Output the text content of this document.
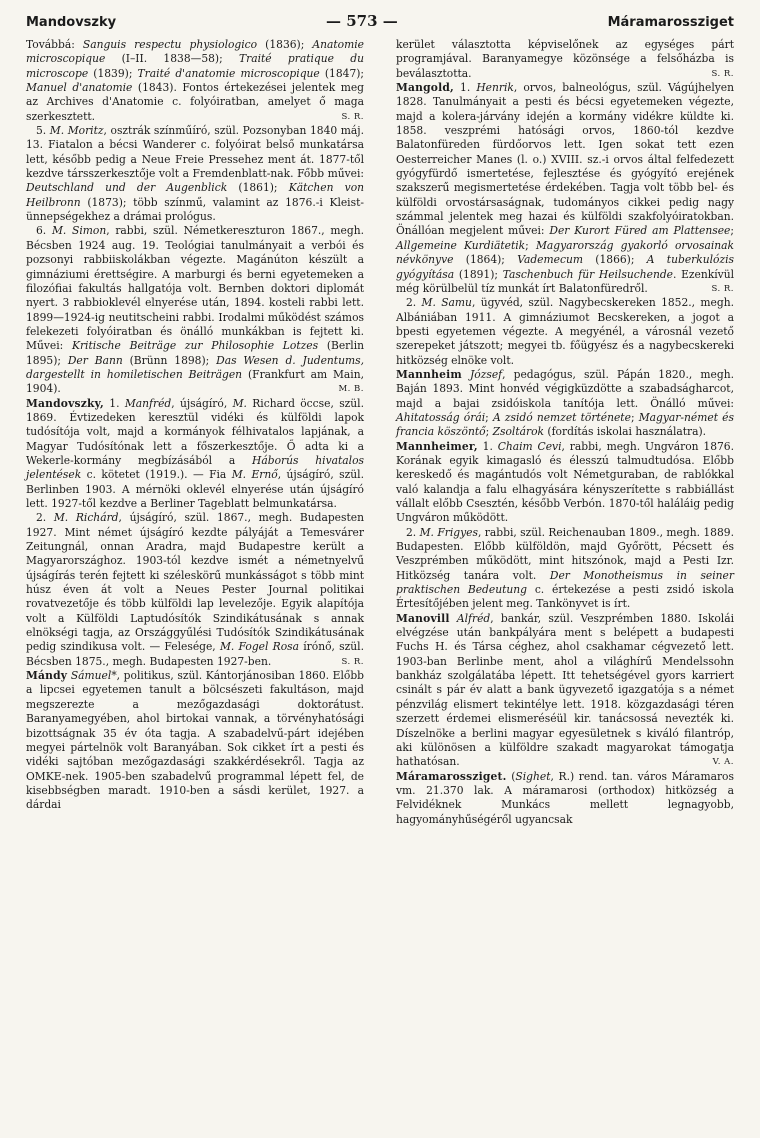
Mandovszky	— 573 —	Máramarossziget

Továbbá: Sanguis respectu physiologico (1836); Anatomie microscopique (I–II. 1838—58); Traité pratique du microscope (1839); Traité d'anatomie microscopique (1847); Manuel d'anatomie (1843). Fontos értekezései jelentek meg az Archives d'Anatomie c. folyóiratban, amelyet ő maga szerkesztett.	S. R.

5. M. Moritz, osztrák színműíró, szül. Pozsonyban 1840 máj. 13. Fiatalon a bécsi Wanderer c. folyóirat belső munkatársa lett, később pedig a Neue Freie Pressehez ment át. 1877-től kezdve társszerkesztője volt a Fremdenblatt-nak. Főbb művei: Deutschland und der Augenblick (1861); Kätchen von Heilbronn (1873); több színmű, valamint az 1876.-i Kleist-ünnepségekhez a drámai prológus.

6. M. Simon, rabbi, szül. Németkereszturon 1867., megh. Bécsben 1924 aug. 19. Teológiai tanulmányait a verbói és pozsonyi rabbiiskolákban végezte. Magánúton készült a gimnáziumi érettségire. A marburgi és berni egyetemeken a filozófiai fakultás hallgatója volt. Bernben doktori diplomát nyert. 3 rabbioklevél elnyerése után, 1894. kosteli rabbi lett. 1899—1924-ig neutitscheini rabbi. Irodalmi működést számos felekezeti folyóiratban és önálló munkákban is fejtett ki. Művei: Kritische Beiträge zur Philosophie Lotzes (Berlin 1895); Der Bann (Brünn 1898); Das Wesen d. Judentums, dargestellt in homiletischen Beiträgen (Frankfurt am Main, 1904).	M. B.

Mandovszky, 1. Manfréd, újságíró, M. Richard öccse, szül. 1869. Évtizedeken keresztül vidéki és külföldi lapok tudósítója volt, majd a kormányok félhivatalos lapjának, a Magyar Tudósítónak lett a főszerkesztője. Ő adta ki a Wekerle-kormány megbízásából a Háborús hivatalos jelentések c. kötetet (1919.). — Fia M. Ernő, újságíró, szül. Berlinben 1903. A mérnöki oklevél elnyerése után újságíró lett. 1927-től kezdve a Berliner Tageblatt belmunkatársa.

2. M. Richárd, újságíró, szül. 1867., megh. Budapesten 1927. Mint német újságíró kezdte pályáját a Temesvárer Zeitungnál, onnan Aradra, majd Budapestre került a Magyarországhoz. 1903-tól kezdve ismét a németnyelvű újságírás terén fejtett ki széleskörű munkásságot s több mint húsz éven át volt a Neues Pester Journal politikai rovatvezetője és több külföldi lap levelezője. Egyik alapítója volt a Külföldi Laptudósítók Szindikátusának s annak elnökségi tagja, az Országgyűlési Tudósítók Szindikátusának pedig szindikusa volt. — Felesége, M. Fogel Rosa írónő, szül. Bécsben 1875., megh. Budapesten 1927-ben.	S. R.

Mándy Sámuel*, politikus, szül. Kántorjánosiban 1860. Előbb a lipcsei egyetemen tanult a bölcsészeti fakultáson, majd megszerezte a mezőgazdasági doktorátust. Baranyamegyében, ahol birtokai vannak, a törvényhatósági bizottságnak 35 év óta tagja. A szabadelvű-párt idejében megyei pártelnök volt Baranyában. Sok cikket írt a pesti és vidéki sajtóban mezőgazdasági szakkérdésekről. Tagja az OMKE-nek. 1905-ben szabadelvű programmal lépett fel, de kisebbségben maradt. 1910-ben a sásdi kerület, 1927. a dárdai

kerület választotta képviselőnek az egységes párt programjával. Baranyamegye közönsége a felsőházba is beválasztotta.	S. R.

Mangold, 1. Henrik, orvos, balneológus, szül. Vágújhelyen 1828. Tanulmányait a pesti és bécsi egyetemeken végezte, majd a kolera-járvány idején a kormány vidékre küldte ki. 1858. veszprémi hatósági orvos, 1860-tól kezdve Balatonfüreden fürdőorvos lett. Igen sokat tett ezen Oesterreicher Manes (l. o.) XVIII. sz.-i orvos által felfedezett gyógyfürdő ismertetése, fejlesztése és gyógyító erejének szakszerű megismertetése érdekében. Tagja volt több bel- és külföldi orvostársaságnak, tudományos cikkei pedig nagy számmal jelentek meg hazai és külföldi szakfolyóiratokban. Önállóan megjelent művei: Der Kurort Füred am Plattensee; Allgemeine Kurdiätetik; Magyarország gyakorló orvosainak névkönyve (1864); Vademecum (1866); A tuberkulózis gyógyítása (1891); Taschenbuch für Heilsuchende. Ezenkívül még körülbelül tíz munkát írt Balatonfüredről.	S. R.

2. M. Samu, ügyvéd, szül. Nagybecskereken 1852., megh. Albániában 1911. A gimnáziumot Becskereken, a jogot a bpesti egyetemen végezte. A megyénél, a városnál vezető szerepeket játszott; megyei tb. főügyész és a nagybecskereki hitközség elnöke volt.

Mannheim József, pedagógus, szül. Pápán 1820., megh. Baján 1893. Mint honvéd végigküzdötte a szabadságharcot, majd a bajai zsidóiskola tanítója lett. Önálló művei: Ahitatosság órái; A zsidó nemzet története; Magyar-német és francia köszöntő; Zsoltárok (fordítás iskolai használatra).

Mannheimer, 1. Chaim Cevi, rabbi, megh. Ungváron 1876. Korának egyik kimagasló és élesszú talmudtudósa. Előbb kereskedő és magántudós volt Németguraban, de rablókkal való kalandja a falu elhagyására kényszerítette s rabbiállást vállalt előbb Csesztén, később Verbón. 1870-től haláláig pedig Ungváron működött.

2. M. Frigyes, rabbi, szül. Reichenauban 1809., megh. 1889. Budapesten. Előbb külföldön, majd Győrött, Pécsett és Veszprémben működött, mint hitszónok, majd a Pesti Izr. Hitközség tanára volt. Der Monotheismus in seiner praktischen Bedeutung c. értekezése a pesti zsidó iskola Értesítőjében jelent meg. Tankönyvet is írt.

Manovill Alfréd, bankár, szül. Veszprémben 1880. Iskolái elvégzése után bankpályára ment s belépett a budapesti Fuchs H. és Társa céghez, ahol csakhamar cégvezető lett. 1903-ban Berlinbe ment, ahol a világhírű Mendelssohn bankház szolgálatába lépett. Itt tehetségével gyors karriert csinált s pár év alatt a bank ügyvezető igazgatója s a német pénzvilág elismert tekintélye lett. 1918. közgazdasági téren szerzett érdemei elismeréséül kir. tanácsossá nevezték ki. Díszelnöke a berlini magyar egyesületnek s kiváló filantróp, aki különösen a külföldre szakadt magyarokat támogatja hathatósan.	V. A.

Máramarossziget. (Sighet, R.) rend. tan. város Máramaros vm. 21.370 lak. A máramarosi (orthodox) hitközség a Felvidéknek Munkács mellett legnagyobb, hagyományhűségéről ugyancsak
